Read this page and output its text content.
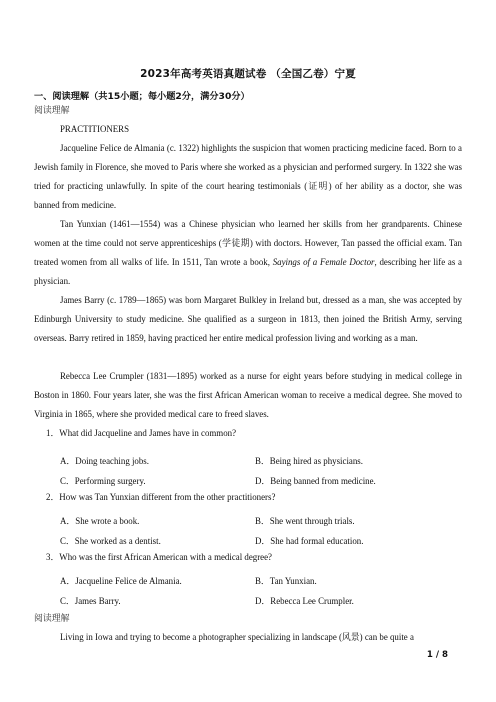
2023年高考英语真题试卷 （全国乙卷）宁夏
一、阅读理解（共15小题；每小题2分，满分30分）
阅读理解
PRACTITIONERS
Jacqueline Felice de Almania (c. 1322) highlights the suspicion that women practicing medicine faced. Born to a Jewish family in Florence, she moved to Paris where she worked as a physician and performed surgery. In 1322 she was tried for practicing unlawfully. In spite of the court hearing testimonials (证明) of her ability as a doctor, she was banned from medicine.
Tan Yunxian (1461—1554) was a Chinese physician who learned her skills from her grandparents. Chinese women at the time could not serve apprenticeships (学徒期) with doctors. However, Tan passed the official exam. Tan treated women from all walks of life. In 1511, Tan wrote a book, Sayings of a Female Doctor, describing her life as a physician.
James Barry (c. 1789—1865) was born Margaret Bulkley in Ireland but, dressed as a man, she was accepted by Edinburgh University to study medicine. She qualified as a surgeon in 1813, then joined the British Army, serving overseas. Barry retired in 1859, having practiced her entire medical profession living and working as a man.
Rebecca Lee Crumpler (1831—1895) worked as a nurse for eight years before studying in medical college in Boston in 1860. Four years later, she was the first African American woman to receive a medical degree. She moved to Virginia in 1865, where she provided medical care to freed slaves.
1．What did Jacqueline and James have in common?
A．Doing teaching jobs.	B．Being hired as physicians.
C．Performing surgery.	D．Being banned from medicine.
2．How was Tan Yunxian different from the other practitioners?
A．She wrote a book.	B．She went through trials.
C．She worked as a dentist.	D．She had formal education.
3．Who was the first African American with a medical degree?
A．Jacqueline Felice de Almania.	B．Tan Yunxian.
C．James Barry.	D．Rebecca Lee Crumpler.
阅读理解
Living in Iowa and trying to become a photographer specializing in landscape (风景) can be quite a
1 / 8
